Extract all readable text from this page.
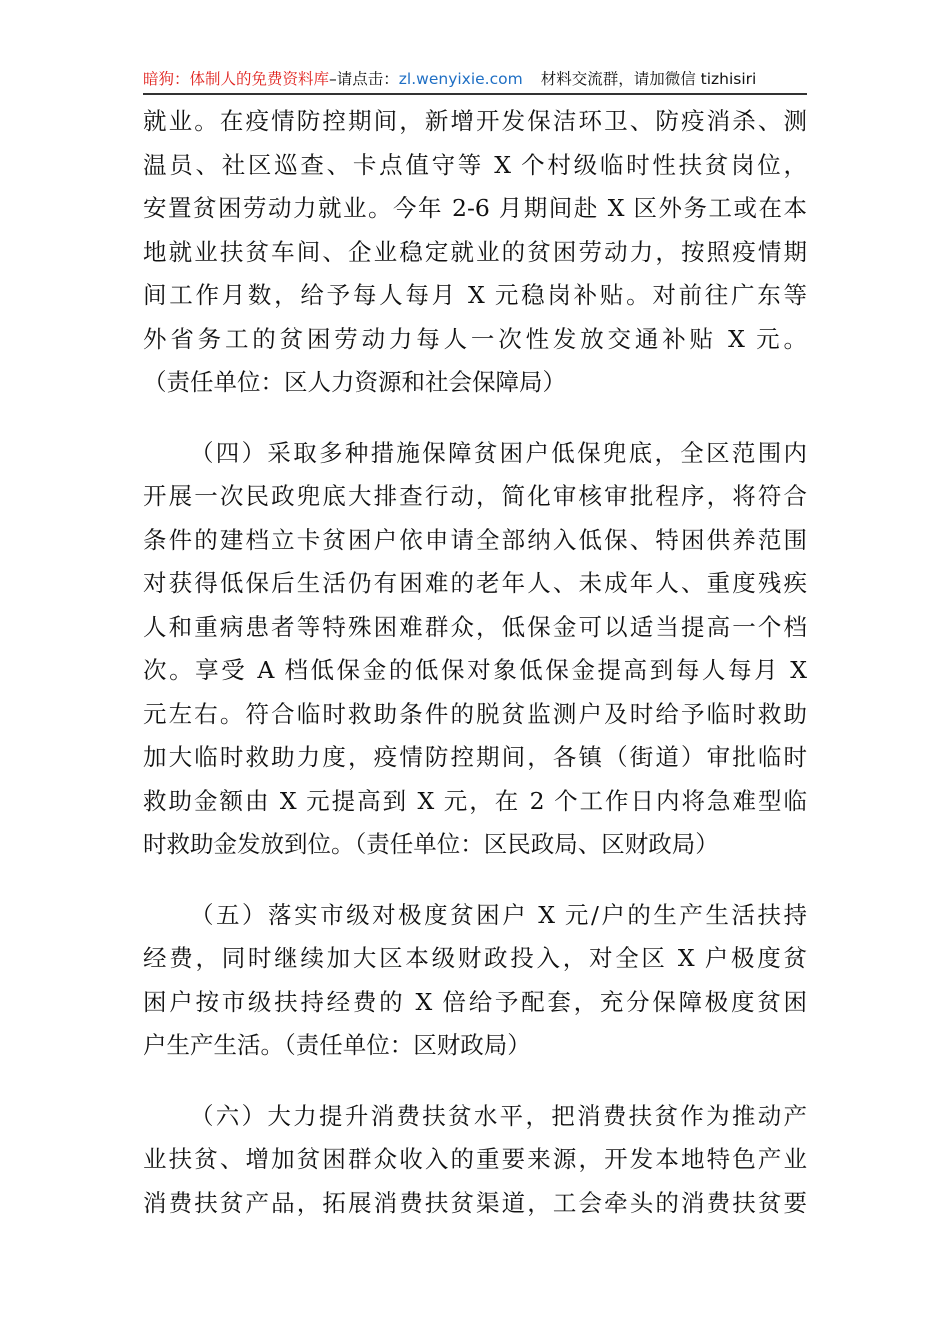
暗狗：体制人的免费资料库–请点击：zl.wenyixie.com 材料交流群，请加微信 tizhisiri
就业。在疫情防控期间，新增开发保洁环卫、防疫消杀、测
温员、社区巡查、卡点值守等 X 个村级临时性扶贫岗位，
安置贫困劳动力就业。今年 2-6 月期间赴 X 区外务工或在本
地就业扶贫车间、企业稳定就业的贫困劳动力，按照疫情期
间工作月数，给予每人每月 X 元稳岗补贴。对前往广东等
外省务工的贫困劳动力每人一次性发放交通补贴 X 元。
（责任单位：区人力资源和社会保障局）
（四）采取多种措施保障贫困户低保兜底，全区范围内
开展一次民政兜底大排查行动，简化审核审批程序，将符合
条件的建档立卡贫困户依申请全部纳入低保、特困供养范围
对获得低保后生活仍有困难的老年人、未成年人、重度残疾
人和重病患者等特殊困难群众，低保金可以适当提高一个档
次。享受 A 档低保金的低保对象低保金提高到每人每月 X
元左右。符合临时救助条件的脱贫监测户及时给予临时救助
加大临时救助力度，疫情防控期间，各镇（街道）审批临时
救助金额由 X 元提高到 X 元，在 2 个工作日内将急难型临
时救助金发放到位。（责任单位：区民政局、区财政局）
（五）落实市级对极度贫困户 X 元/户的生产生活扶持
经费，同时继续加大区本级财政投入，对全区 X 户极度贫
困户按市级扶持经费的 X 倍给予配套，充分保障极度贫困
户生产生活。（责任单位：区财政局）
（六）大力提升消费扶贫水平，把消费扶贫作为推动产
业扶贫、增加贫困群众收入的重要来源，开发本地特色产业
消费扶贫产品，拓展消费扶贫渠道，工会牵头的消费扶贫要
